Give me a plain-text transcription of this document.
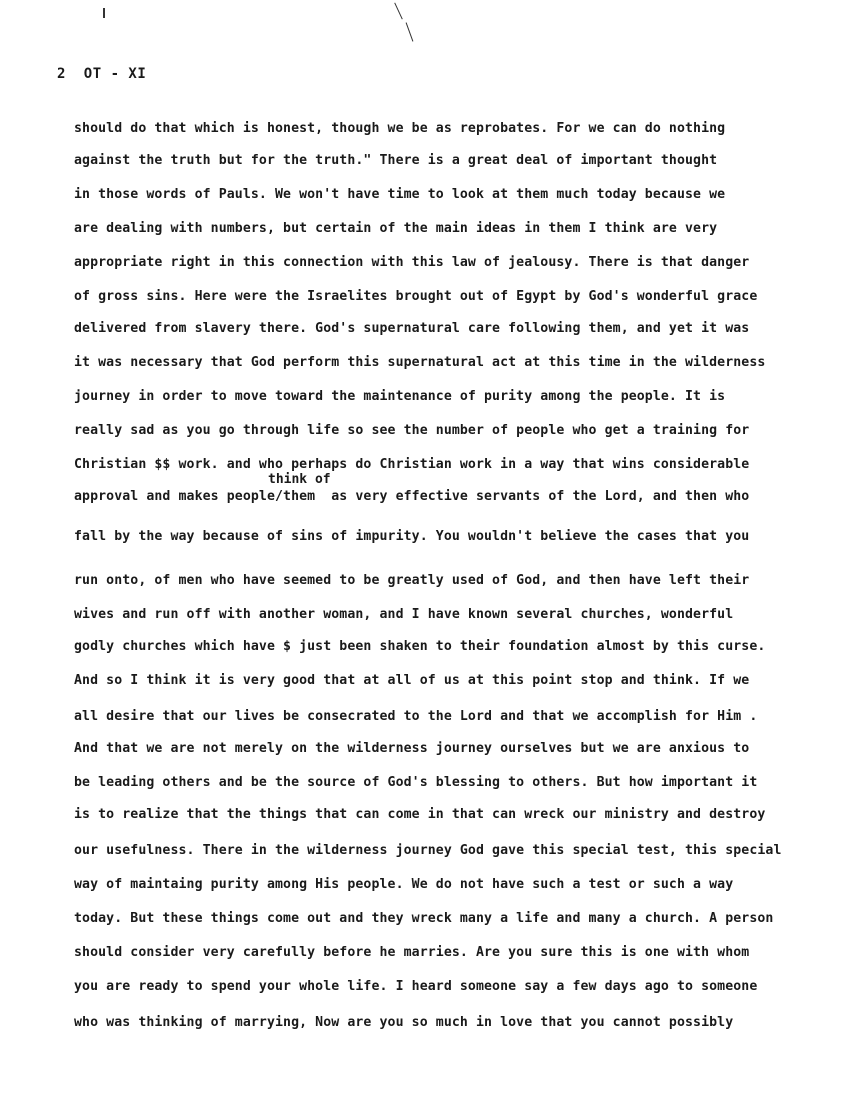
2  OT - XI
should do that which is honest, though we be as reprobates. For we can do nothing
against the truth but for the truth." There is a great deal of important thought
in those words of Pauls. We won't have time to look at them much today because we
are dealing with numbers, but certain of the main ideas in them I think are very
appropriate right in this connection with this law of jealousy. There is that danger
of gross sins. Here were the Israelites brought out of Egypt by God's wonderful grace
delivered from slavery there. God's supernatural care following them, and yet it was
it was necessary that God perform this supernatural act at this time in the wilderness
journey in order to move toward the maintenance of purity among the people. It is
really sad as you go through life so see the number of people who get a training for
Christian $$ work. and who perhaps do Christian work in a way that wins considerable
think of
approval and makes people/them  as very effective servants of the Lord, and then who
fall by the way because of sins of impurity. You wouldn't believe the cases that you
run onto, of men who have seemed to be greatly used of God, and then have left their
wives and run off with another woman, and I have known several churches, wonderful
godly churches which have $ just been shaken to their foundation almost by this curse.
And so I think it is very good that at all of us at this point stop and think. If we
all desire that our lives be consecrated to the Lord and that we accomplish for Him .
And that we are not merely on the wilderness journey ourselves but we are anxious to
be leading others and be the source of God's blessing to others. But how important it
is to realize that the things that can come in that can wreck our ministry and destroy
our usefulness. There in the wilderness journey God gave this special test, this special
way of maintaing purity among His people. We do not have such a test or such a way
today. But these things come out and they wreck many a life and many a church. A person
should consider very carefully before he marries. Are you sure this is one with whom
you are ready to spend your whole life. I heard someone say a few days ago to someone
who was thinking of marrying, Now are you so much in love that you cannot possibly
